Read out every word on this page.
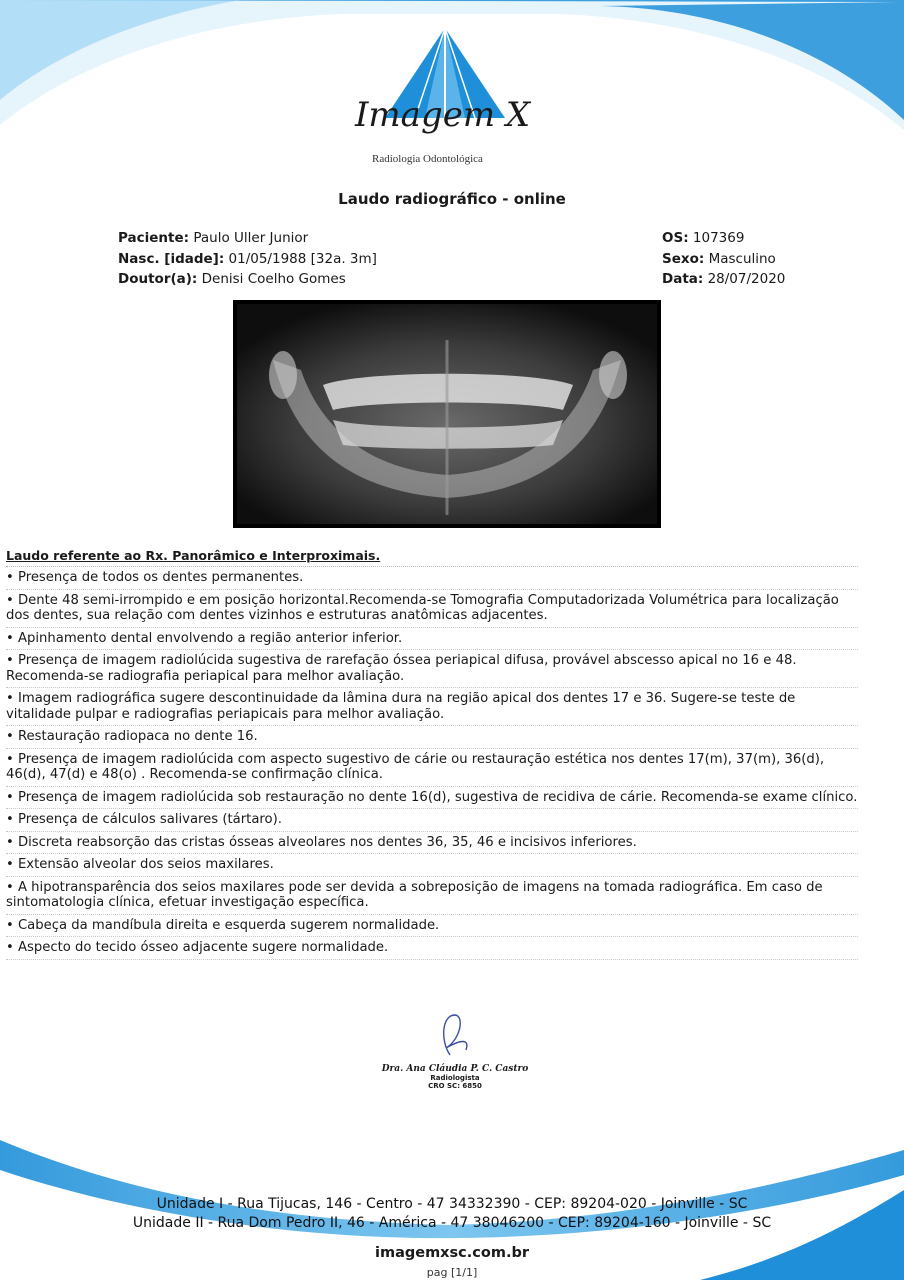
Imagem X
Radiologia Odontológica
Laudo radiográfico - online
Paciente: Paulo Uller Junior
Nasc. [idade]: 01/05/1988 [32a. 3m]
Doutor(a): Denisi Coelho Gomes
OS: 107369
Sexo: Masculino
Data: 28/07/2020
Laudo referente ao Rx. Panorâmico e Interproximais.
• Presença de todos os dentes permanentes.
• Dente 48 semi-irrompido e em posição horizontal.Recomenda-se Tomografia Computadorizada Volumétrica para localização dos dentes, sua relação com dentes vizinhos e estruturas anatômicas adjacentes.
• Apinhamento dental envolvendo a região anterior inferior.
• Presença de imagem radiolúcida sugestiva de rarefação óssea periapical difusa, provável abscesso apical no 16 e 48. Recomenda-se radiografia periapical para melhor avaliação.
• Imagem radiográfica sugere descontinuidade da lâmina dura na região apical dos dentes 17 e 36. Sugere-se teste de vitalidade pulpar e radiografias periapicais para melhor avaliação.
• Restauração radiopaca no dente 16.
• Presença de imagem radiolúcida com aspecto sugestivo de cárie ou restauração estética nos dentes 17(m), 37(m), 36(d), 46(d), 47(d) e 48(o) . Recomenda-se confirmação clínica.
• Presença de imagem radiolúcida sob restauração no dente 16(d), sugestiva de recidiva de cárie. Recomenda-se exame clínico.
• Presença de cálculos salivares (tártaro).
• Discreta reabsorção das cristas ósseas alveolares nos dentes 36, 35, 46 e incisivos inferiores.
• Extensão alveolar dos seios maxilares.
• A hipotransparência dos seios maxilares pode ser devida a sobreposição de imagens na tomada radiográfica. Em caso de sintomatologia clínica, efetuar investigação específica.
• Cabeça da mandíbula direita e esquerda sugerem normalidade.
• Aspecto do tecido ósseo adjacente sugere normalidade.
Dra. Ana Cláudia P. C. Castro
Radiologista
CRO SC: 6850
Unidade I - Rua Tijucas, 146 - Centro - 47 34332390 - CEP: 89204-020 - Joinville - SC
Unidade II - Rua Dom Pedro II, 46 - América - 47 38046200 - CEP: 89204-160 - Joinville - SC
imagemxsc.com.br
pag [1/1]
